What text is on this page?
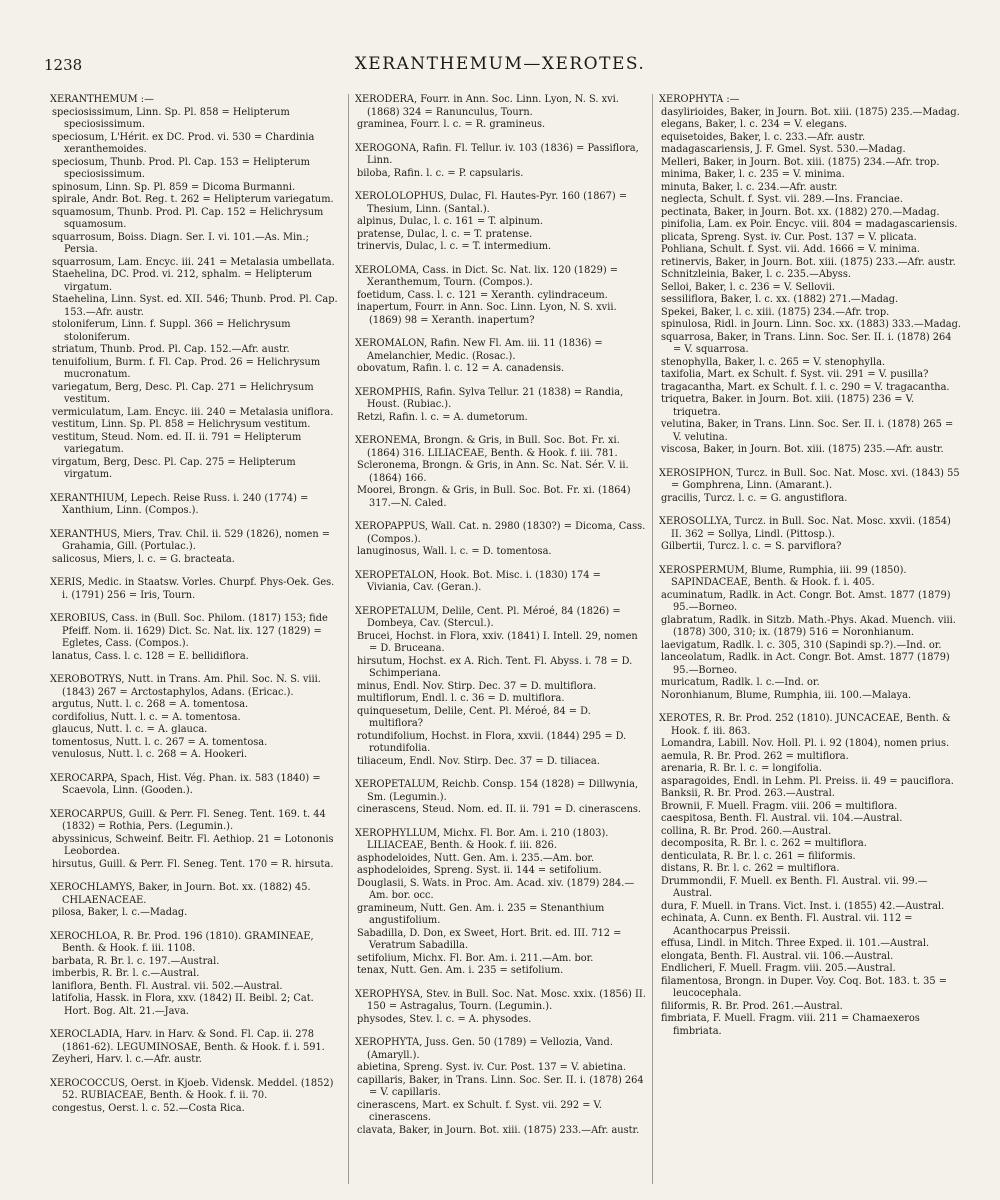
1238	XERANTHEMUM—XEROTES.

XERANTHEMUM :—

speciosissimum, Linn. Sp. Pl. 858 = Helipterum speciosissimum.

speciosum, L'Hérit. ex DC. Prod. vi. 530 = Chardinia xeranthemoides.

speciosum, Thunb. Prod. Pl. Cap. 153 = Helipterum speciosissimum.

spinosum, Linn. Sp. Pl. 859 = Dicoma Burmanni.

spirale, Andr. Bot. Reg. t. 262 = Helipterum variegatum.

squamosum, Thunb. Prod. Pl. Cap. 152 = Helichrysum squamosum.

squarrosum, Boiss. Diagn. Ser. I. vi. 101.—As. Min.; Persia.

squarrosum, Lam. Encyc. iii. 241 = Metalasia umbellata.

Staehelina, DC. Prod. vi. 212, sphalm. = Helipterum virgatum.

Staehelina, Linn. Syst. ed. XII. 546; Thunb. Prod. Pl. Cap. 153.—Afr. austr.

stoloniferum, Linn. f. Suppl. 366 = Helichrysum stoloniferum.

striatum, Thunb. Prod. Pl. Cap. 152.—Afr. austr.

tenuifolium, Burm. f. Fl. Cap. Prod. 26 = Helichrysum mucronatum.

variegatum, Berg, Desc. Pl. Cap. 271 = Helichrysum vestitum.

vermiculatum, Lam. Encyc. iii. 240 = Metalasia uniflora.

vestitum, Linn. Sp. Pl. 858 = Helichrysum vestitum.

vestitum, Steud. Nom. ed. II. ii. 791 = Helipterum variegatum.

virgatum, Berg, Desc. Pl. Cap. 275 = Helipterum virgatum.

XERANTHIUM, Lepech. Reise Russ. i. 240 (1774) = Xanthium, Linn. (Compos.).

XERANTHUS, Miers, Trav. Chil. ii. 529 (1826), nomen = Grahamia, Gill. (Portulac.).

salicosus, Miers, l. c. = G. bracteata.

XERIS, Medic. in Staatsw. Vorles. Churpf. Phys-Oek. Ges. i. (1791) 256 = Iris, Tourn.

XEROBIUS, Cass. in (Bull. Soc. Philom. (1817) 153; fide Pfeiff. Nom. ii. 1629) Dict. Sc. Nat. lix. 127 (1829) = Egletes, Cass. (Compos.).

lanatus, Cass. l. c. 128 = E. bellidiflora.

XEROBOTRYS, Nutt. in Trans. Am. Phil. Soc. N. S. viii. (1843) 267 = Arctostaphylos, Adans. (Ericac.).

argutus, Nutt. l. c. 268 = A. tomentosa.

cordifolius, Nutt. l. c. = A. tomentosa.

glaucus, Nutt. l. c. = A. glauca.

tomentosus, Nutt. l. c. 267 = A. tomentosa.

venulosus, Nutt. l. c. 268 = A. Hookeri.

XEROCARPA, Spach, Hist. Vég. Phan. ix. 583 (1840) = Scaevola, Linn. (Gooden.).

XEROCARPUS, Guill. & Perr. Fl. Seneg. Tent. 169. t. 44 (1832) = Rothia, Pers. (Legumin.).

abyssinicus, Schweinf. Beitr. Fl. Aethiop. 21 = Lotononis Leobordea.

hirsutus, Guill. & Perr. Fl. Seneg. Tent. 170 = R. hirsuta.

XEROCHLAMYS, Baker, in Journ. Bot. xx. (1882) 45. CHLAENACEAE.

pilosa, Baker, l. c.—Madag.

XEROCHLOA, R. Br. Prod. 196 (1810). GRAMINEAE, Benth. & Hook. f. iii. 1108.

barbata, R. Br. l. c. 197.—Austral.

imberbis, R. Br. l. c.—Austral.

laniflora, Benth. Fl. Austral. vii. 502.—Austral.

latifolia, Hassk. in Flora, xxv. (1842) II. Beibl. 2; Cat. Hort. Bog. Alt. 21.—Java.

XEROCLADIA, Harv. in Harv. & Sond. Fl. Cap. ii. 278 (1861-62). LEGUMINOSAE, Benth. & Hook. f. i. 591.

Zeyheri, Harv. l. c.—Afr. austr.

XEROCOCCUS, Oerst. in Kjoeb. Vidensk. Meddel. (1852) 52. RUBIACEAE, Benth. & Hook. f. ii. 70.

congestus, Oerst. l. c. 52.—Costa Rica.

XERODERA, Fourr. in Ann. Soc. Linn. Lyon, N. S. xvi. (1868) 324 = Ranunculus, Tourn.

graminea, Fourr. l. c. = R. gramineus.

XEROGONA, Rafin. Fl. Tellur. iv. 103 (1836) = Passiflora, Linn.

biloba, Rafin. l. c. = P. capsularis.

XEROLOLOPHUS, Dulac, Fl. Hautes-Pyr. 160 (1867) = Thesium, Linn. (Santal.).

alpinus, Dulac, l. c. 161 = T. alpinum.

pratense, Dulac, l. c. = T. pratense.

trinervis, Dulac, l. c. = T. intermedium.

XEROLOMA, Cass. in Dict. Sc. Nat. lix. 120 (1829) = Xeranthemum, Tourn. (Compos.).

foetidum, Cass. l. c. 121 = Xeranth. cylindraceum.

inapertum, Fourr. in Ann. Soc. Linn. Lyon, N. S. xvii. (1869) 98 = Xeranth. inapertum?

XEROMALON, Rafin. New Fl. Am. iii. 11 (1836) = Amelanchier, Medic. (Rosac.).

obovatum, Rafin. l. c. 12 = A. canadensis.

XEROMPHIS, Rafin. Sylva Tellur. 21 (1838) = Randia, Houst. (Rubiac.).

Retzi, Rafin. l. c. = A. dumetorum.

XERONEMA, Brongn. & Gris, in Bull. Soc. Bot. Fr. xi. (1864) 316. LILIACEAE, Benth. & Hook. f. iii. 781.

Scleronema, Brongn. & Gris, in Ann. Sc. Nat. Sér. V. ii. (1864) 166.

Moorei, Brongn. & Gris, in Bull. Soc. Bot. Fr. xi. (1864) 317.—N. Caled.

XEROPAPPUS, Wall. Cat. n. 2980 (1830?) = Dicoma, Cass. (Compos.).

lanuginosus, Wall. l. c. = D. tomentosa.

XEROPETALON, Hook. Bot. Misc. i. (1830) 174 = Viviania, Cav. (Geran.).

XEROPETALUM, Delile, Cent. Pl. Méroé, 84 (1826) = Dombeya, Cav. (Stercul.).

Brucei, Hochst. in Flora, xxiv. (1841) I. Intell. 29, nomen = D. Bruceana.

hirsutum, Hochst. ex A. Rich. Tent. Fl. Abyss. i. 78 = D. Schimperiana.

minus, Endl. Nov. Stirp. Dec. 37 = D. multiflora.

multiflorum, Endl. l. c. 36 = D. multiflora.

quinquesetum, Delile, Cent. Pl. Méroé, 84 = D. multiflora?

rotundifolium, Hochst. in Flora, xxvii. (1844) 295 = D. rotundifolia.

tiliaceum, Endl. Nov. Stirp. Dec. 37 = D. tiliacea.

XEROPETALUM, Reichb. Consp. 154 (1828) = Dillwynia, Sm. (Legumin.).

cinerascens, Steud. Nom. ed. II. ii. 791 = D. cinerascens.

XEROPHYLLUM, Michx. Fl. Bor. Am. i. 210 (1803). LILIACEAE, Benth. & Hook. f. iii. 826.

asphodeloides, Nutt. Gen. Am. i. 235.—Am. bor.

asphodeloides, Spreng. Syst. ii. 144 = setifolium.

Douglasii, S. Wats. in Proc. Am. Acad. xiv. (1879) 284.—Am. bor. occ.

gramineum, Nutt. Gen. Am. i. 235 = Stenanthium angustifolium.

Sabadilla, D. Don, ex Sweet, Hort. Brit. ed. III. 712 = Veratrum Sabadilla.

setifolium, Michx. Fl. Bor. Am. i. 211.—Am. bor.

tenax, Nutt. Gen. Am. i. 235 = setifolium.

XEROPHYSA, Stev. in Bull. Soc. Nat. Mosc. xxix. (1856) II. 150 = Astragalus, Tourn. (Legumin.).

physodes, Stev. l. c. = A. physodes.

XEROPHYTA, Juss. Gen. 50 (1789) = Vellozia, Vand. (Amaryll.).

abietina, Spreng. Syst. iv. Cur. Post. 137 = V. abietina.

capillaris, Baker, in Trans. Linn. Soc. Ser. II. i. (1878) 264 = V. capillaris.

cinerascens, Mart. ex Schult. f. Syst. vii. 292 = V. cinerascens.

clavata, Baker, in Journ. Bot. xiii. (1875) 233.—Afr. austr.

XEROPHYTA :—

dasylirioides, Baker, in Journ. Bot. xiii. (1875) 235.—Madag.

elegans, Baker, l. c. 234 = V. elegans.

equisetoides, Baker, l. c. 233.—Afr. austr.

madagascariensis, J. F. Gmel. Syst. 530.—Madag.

Melleri, Baker, in Journ. Bot. xiii. (1875) 234.—Afr. trop.

minima, Baker, l. c. 235 = V. minima.

minuta, Baker, l. c. 234.—Afr. austr.

neglecta, Schult. f. Syst. vii. 289.—Ins. Franciae.

pectinata, Baker, in Journ. Bot. xx. (1882) 270.—Madag.

pinifolia, Lam. ex Poir. Encyc. viii. 804 = madagascariensis.

plicata, Spreng. Syst. iv. Cur. Post. 137 = V. plicata.

Pohliana, Schult. f. Syst. vii. Add. 1666 = V. minima.

retinervis, Baker, in Journ. Bot. xiii. (1875) 233.—Afr. austr.

Schnitzleinia, Baker, l. c. 235.—Abyss.

Selloi, Baker, l. c. 236 = V. Sellovii.

sessiliflora, Baker, l. c. xx. (1882) 271.—Madag.

Spekei, Baker, l. c. xiii. (1875) 234.—Afr. trop.

spinulosa, Ridl. in Journ. Linn. Soc. xx. (1883) 333.—Madag.

squarrosa, Baker, in Trans. Linn. Soc. Ser. II. i. (1878) 264 = V. squarrosa.

stenophylla, Baker, l. c. 265 = V. stenophylla.

taxifolia, Mart. ex Schult. f. Syst. vii. 291 = V. pusilla?

tragacantha, Mart. ex Schult. f. l. c. 290 = V. tragacantha.

triquetra, Baker. in Journ. Bot. xiii. (1875) 236 = V. triquetra.

velutina, Baker, in Trans. Linn. Soc. Ser. II. i. (1878) 265 = V. velutina.

viscosa, Baker, in Journ. Bot. xiii. (1875) 235.—Afr. austr.

XEROSIPHON, Turcz. in Bull. Soc. Nat. Mosc. xvi. (1843) 55 = Gomphrena, Linn. (Amarant.).

gracilis, Turcz. l. c. = G. angustiflora.

XEROSOLLYA, Turcz. in Bull. Soc. Nat. Mosc. xxvii. (1854) II. 362 = Sollya, Lindl. (Pittosp.).

Gilbertii, Turcz. l. c. = S. parviflora?

XEROSPERMUM, Blume, Rumphia, iii. 99 (1850). SAPINDACEAE, Benth. & Hook. f. i. 405.

acuminatum, Radlk. in Act. Congr. Bot. Amst. 1877 (1879) 95.—Borneo.

glabratum, Radlk. in Sitzb. Math.-Phys. Akad. Muench. viii. (1878) 300, 310; ix. (1879) 516 = Noronhianum.

laevigatum, Radlk. l. c. 305, 310 (Sapindi sp.?).—Ind. or.

lanceolatum, Radlk. in Act. Congr. Bot. Amst. 1877 (1879) 95.—Borneo.

muricatum, Radlk. l. c.—Ind. or.

Noronhianum, Blume, Rumphia, iii. 100.—Malaya.

XEROTES, R. Br. Prod. 252 (1810). JUNCACEAE, Benth. & Hook. f. iii. 863.

Lomandra, Labill. Nov. Holl. Pl. i. 92 (1804), nomen prius.

aemula, R. Br. Prod. 262 = multiflora.

arenaria, R. Br. l. c. = longifolia.

asparagoides, Endl. in Lehm. Pl. Preiss. ii. 49 = pauciflora.

Banksii, R. Br. Prod. 263.—Austral.

Brownii, F. Muell. Fragm. viii. 206 = multiflora.

caespitosa, Benth. Fl. Austral. vii. 104.—Austral.

collina, R. Br. Prod. 260.—Austral.

decomposita, R. Br. l. c. 262 = multiflora.

denticulata, R. Br. l. c. 261 = filiformis.

distans, R. Br. l. c. 262 = multiflora.

Drummondii, F. Muell. ex Benth. Fl. Austral. vii. 99.—Austral.

dura, F. Muell. in Trans. Vict. Inst. i. (1855) 42.—Austral.

echinata, A. Cunn. ex Benth. Fl. Austral. vii. 112 = Acanthocarpus Preissii.

effusa, Lindl. in Mitch. Three Exped. ii. 101.—Austral.

elongata, Benth. Fl. Austral. vii. 106.—Austral.

Endlicheri, F. Muell. Fragm. viii. 205.—Austral.

filamentosa, Brongn. in Duper. Voy. Coq. Bot. 183. t. 35 = leucocephala.

filiformis, R. Br. Prod. 261.—Austral.

fimbriata, F. Muell. Fragm. viii. 211 = Chamaexeros fimbriata.
